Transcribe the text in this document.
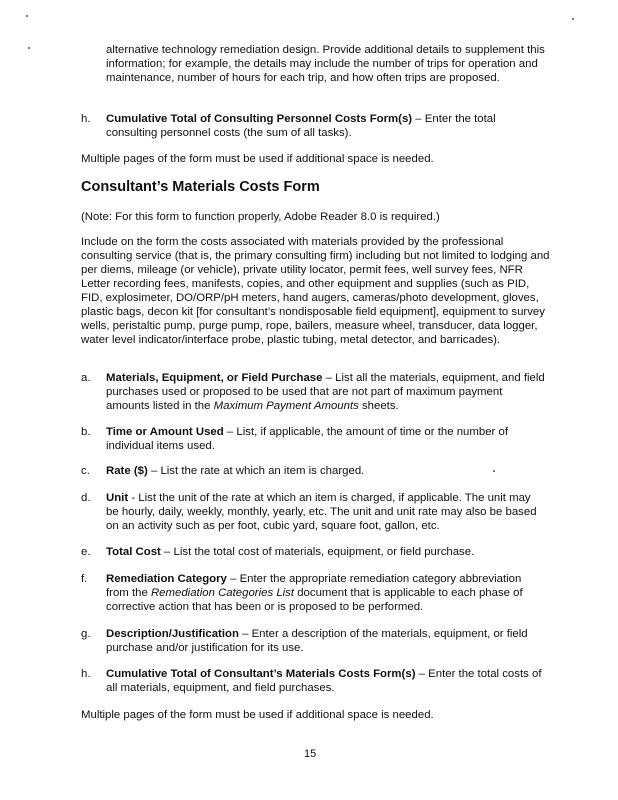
alternative technology remediation design. Provide additional details to supplement this information; for example, the details may include the number of trips for operation and maintenance, number of hours for each trip, and how often trips are proposed.

h. Cumulative Total of Consulting Personnel Costs Form(s) – Enter the total consulting personnel costs (the sum of all tasks).

Multiple pages of the form must be used if additional space is needed.

Consultant’s Materials Costs Form

(Note: For this form to function properly, Adobe Reader 8.0 is required.)

Include on the form the costs associated with materials provided by the professional consulting service (that is, the primary consulting firm) including but not limited to lodging and per diems, mileage (or vehicle), private utility locator, permit fees, well survey fees, NFR Letter recording fees, manifests, copies, and other equipment and supplies (such as PID, FID, explosimeter, DO/ORP/pH meters, hand augers, cameras/photo development, gloves, plastic bags, decon kit [for consultant’s nondisposable field equipment], equipment to survey wells, peristaltic pump, purge pump, rope, bailers, measure wheel, transducer, data logger, water level indicator/interface probe, plastic tubing, metal detector, and barricades).

a. Materials, Equipment, or Field Purchase – List all the materials, equipment, and field purchases used or proposed to be used that are not part of maximum payment amounts listed in the Maximum Payment Amounts sheets.

b. Time or Amount Used – List, if applicable, the amount of time or the number of individual items used.

c. Rate ($) – List the rate at which an item is charged.

d. Unit - List the unit of the rate at which an item is charged, if applicable. The unit may be hourly, daily, weekly, monthly, yearly, etc. The unit and unit rate may also be based on an activity such as per foot, cubic yard, square foot, gallon, etc.

e. Total Cost – List the total cost of materials, equipment, or field purchase.

f. Remediation Category – Enter the appropriate remediation category abbreviation from the Remediation Categories List document that is applicable to each phase of corrective action that has been or is proposed to be performed.

g. Description/Justification – Enter a description of the materials, equipment, or field purchase and/or justification for its use.

h. Cumulative Total of Consultant’s Materials Costs Form(s) – Enter the total costs of all materials, equipment, and field purchases.

Multiple pages of the form must be used if additional space is needed.

15
